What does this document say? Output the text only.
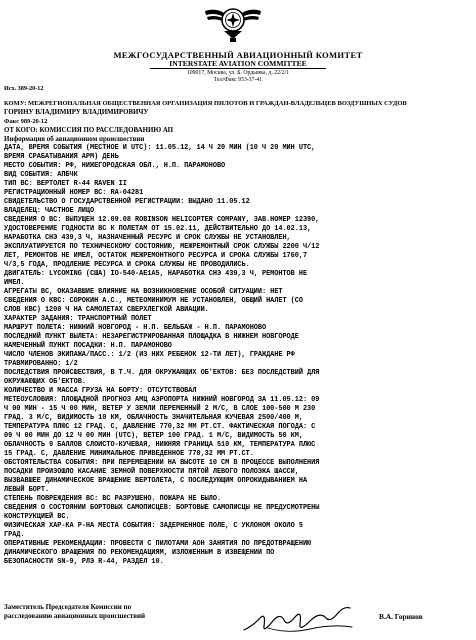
МЕЖГОСУДАРСТВЕННЫЙ АВИАЦИОННЫЙ КОМИТЕТ
INTERSTATE AVIATION COMMITTEE
109017, Москва, ул. Б. Ордынка, д. 22/2/1
Тел/Факс 953-37-41
Исх. 389-20-12
КОМУ: МЕЖРЕГИОНАЛЬНАЯ ОБЩЕСТВЕННАЯ ОРГАНИЗАЦИЯ ПИЛОТОВ И ГРАЖДАН-ВЛАДЕЛЬЦЕВ ВОЗДУШНЫХ СУДОВ
ГОРИНУ ВЛАДИМИРУ ВЛАДИМИРОВИЧУ
Факс 989-20-12
ОТ КОГО: КОМИССИЯ ПО РАССЛЕДОВАНИЮ АП
Информация об авиационном происшествии
ДАТА, ВРЕМЯ СОБЫТИЯ (МЕСТНОЕ И UTC): 11.05.12, 14 Ч 20 МИН (10 Ч 20 МИН UTC,
ВРЕМЯ СРАБАТЫВАНИЯ АРМ) ДЕНЬ
МЕСТО СОБЫТИЯ: РФ, НИЖЕГОРОДСКАЯ ОБЛ., Н.П. ПАРАМОНОВО
ВИД СОБЫТИЯ: АПБЧК
ТИП ВС: ВЕРТОЛЕТ R-44 RAVEN II
РЕГИСТРАЦИОННЫЙ НОМЕР ВС: RA-04281
СВИДЕТЕЛЬСТВО О ГОСУДАРСТВЕННОЙ РЕГИСТРАЦИИ: ВЫДАНО 11.05.12
ВЛАДЕЛЕЦ: ЧАСТНОЕ ЛИЦО
СВЕДЕНИЯ О ВС: ВЫПУЩЕН 12.09.08 ROBINSON HELICOPTER COMPANY, ЗАВ.НОМЕР 12390,
УДОСТОВЕРЕНИЕ ГОДНОСТИ ВС К ПОЛЕТАМ ОТ 15.02.11, ДЕЙСТВИТЕЛЬНО ДО 14.02.13,
НАРАБОТКА СНЭ 439,3 Ч, НАЗНАЧЕННЫЙ РЕСУРС И СРОК СЛУЖБЫ НЕ УСТАНОВЛЕН,
ЭКСПЛУАТИРУЕТСЯ ПО ТЕХНИЧЕСКОМУ СОСТОЯНИЮ, МЕЖРЕМОНТНЫЙ СРОК СЛУЖБЫ 2200 Ч/12
ЛЕТ, РЕМОНТОВ НЕ ИМЕЛ, ОСТАТОК МЕЖРЕМОНТНОГО РЕСУРСА И СРОКА СЛУЖБЫ 1760,7
Ч/3,5 ГОДА, ПРОДЛЕНИЕ РЕСУРСА И СРОКА СЛУЖБЫ НЕ ПРОВОДИЛИСЬ.
ДВИГАТЕЛЬ: LYCOMING (США) IO-540-AE1A5, НАРАБОТКА СНЭ 439,3 Ч, РЕМОНТОВ НЕ
ИМЕЛ.
АГРЕГАТЫ ВС, ОКАЗАВШИЕ ВЛИЯНИЕ НА ВОЗНИКНОВЕНИЕ ОСОБОЙ СИТУАЦИИ: НЕТ
СВЕДЕНИЯ О КВС: СОРОКИН А.С., МЕТЕОМИНИМУМ НЕ УСТАНОВЛЕН, ОБЩИЙ НАЛЕТ (СО
СЛОВ КВС) 1200 Ч НА САМОЛЕТАХ СВЕРХЛЕГКОЙ АВИАЦИИ.
ХАРАКТЕР ЗАДАНИЯ: ТРАНСПОРТНЫЙ ПОЛЕТ
МАРШРУТ ПОЛЕТА: НИЖНИЙ НОВГОРОД - Н.П. БЕЛЬБАЖ - Н.П. ПАРАМОНОВО
ПОСЛЕДНИЙ ПУНКТ ВЫЛЕТА: НЕЗАРЕГИСТРИРОВАННАЯ ПЛОЩАДКА В НИЖНЕМ НОВГОРОДЕ
НАМЕЧЕННЫЙ ПУНКТ ПОСАДКИ: Н.П. ПАРАМОНОВО
ЧИСЛО ЧЛЕНОВ ЭКИПАЖА/ПАСС.: 1/2 (ИЗ НИХ РЕБЕНОК 12-ТИ ЛЕТ), ГРАЖДАНЕ РФ
ТРАВМИРОВАННО: 1/2
ПОСЛЕДСТВИЯ ПРОИСШЕСТВИЯ, В Т.Ч. ДЛЯ ОКРУЖАЮЩИХ ОБ'ЕКТОВ: БЕЗ ПОСЛЕДСТВИЙ ДЛЯ
ОКРУЖАЮЩИХ ОБ'ЕКТОВ.
КОЛИЧЕСТВО И МАССА ГРУЗА НА БОРТУ: ОТСУТСТВОВАЛ
МЕТЕОУСЛОВИЯ: ПЛОЩАДНОЙ ПРОГНОЗ АМЦ АЭРОПОРТА НИЖНИЙ НОВГОРОД ЗА 11.05.12: 09
Ч 00 МИН - 15 Ч 00 МИН, ВЕТЕР У ЗЕМЛИ ПЕРЕМЕННЫЙ 2 М/С, В СЛОЕ 100-500 М 230
ГРАД. 3 М/С, ВИДИМОСТЬ 10 КМ, ОБЛАЧНОСТЬ ЗНАЧИТЕЛЬНАЯ КУЧЕВАЯ 2500/400 М,
ТЕМПЕРАТУРА ПЛЮС 12 ГРАД. С, ДАВЛЕНИЕ 770,32 ММ РТ.СТ. ФАКТИЧЕСКАЯ ПОГОДА: С
09 Ч 00 МИН ДО 12 Ч 00 МИН (UTC), ВЕТЕР 100 ГРАД. 1 М/С, ВИДИМОСТЬ 50 КМ,
ОБЛАЧНОСТЬ 9 БАЛЛОВ СЛОИСТО-КУЧЕВАЯ, НИЖНЯЯ ГРАНИЦА 510 КМ, ТЕМПЕРАТУРА ПЛЮС
15 ГРАД. С, ДАВЛЕНИЕ МИНИМАЛЬНОЕ ПРИВЕДЕННОЕ 770,32 ММ РТ.СТ.
ОБСТОЯТЕЛЬСТВА СОБЫТИЯ: ПРИ ПЕРЕМЕЩЕНИИ НА ВЫСОТЕ 10 СМ В ПРОЦЕССЕ ВЫПОЛНЕНИЯ
ПОСАДКИ ПРОИЗОШЛО КАСАНИЕ ЗЕМНОЙ ПОВЕРХНОСТИ ПЯТОЙ ЛЕВОГО ПОЛОЗКА ШАССИ,
ВЫЗВАВШЕЕ ДИНАМИЧЕСКОЕ ВРАЩЕНИЕ ВЕРТОЛЕТА, С ПОСЛЕДУЮЩИМ ОПРОКИДЫВАНИЕМ НА
ЛЕВЫЙ БОРТ.
СТЕПЕНЬ ПОВРЕЖДЕНИЯ ВС: ВС РАЗРУШЕНО. ПОЖАРА НЕ БЫЛО.
СВЕДЕНИЯ О СОСТОЯНИИ БОРТОВЫХ САМОПИСЦЕВ: БОРТОВЫЕ САМОПИСЦЫ НЕ ПРЕДУСМОТРЕНЫ
КОНСТРУКЦИЕЙ ВС.
ФИЗИЧЕСКАЯ ХАР-КА Р-НА МЕСТА СОБЫТИЯ: ЗАДЕРНЕННОЕ ПОЛЕ, С УКЛОНОМ ОКОЛО 5
ГРАД.
ОПЕРАТИВНЫЕ РЕКОМЕНДАЦИИ: ПРОВЕСТИ С ПИЛОТАМИ АОН ЗАНЯТИЯ ПО ПРЕДОТВРАЩЕНИЮ
ДИНАМИЧЕСКОГО ВРАЩЕНИЯ ПО РЕКОМЕНДАЦИЯМ, ИЗЛОЖЕННЫМ В ИЗВЕЩЕНИИ ПО
БЕЗОПАСНОСТИ SN-9, РЛЭ R-44, РАЗДЕЛ 10.
Заместитель Председателя Комиссии по
расследованию авиационных происшествий	В.А. Горинов
